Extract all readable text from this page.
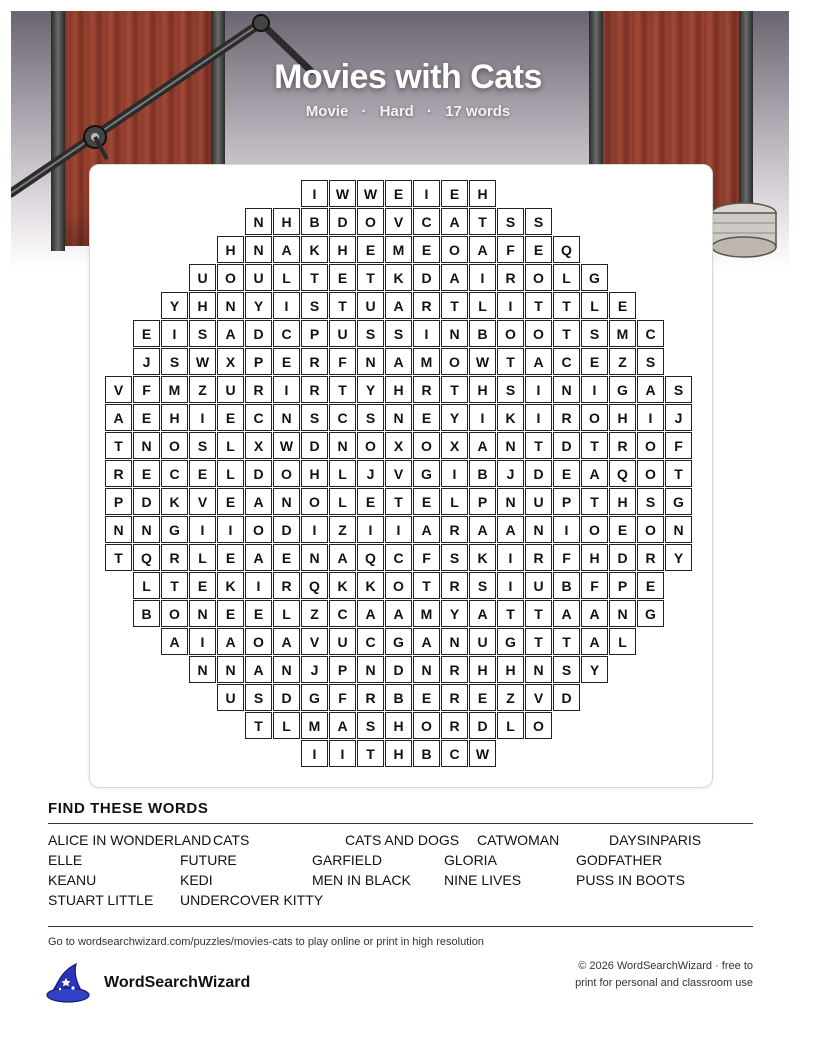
Movies with Cats
Movie · Hard · 17 words
I	W	W	E	I	E	H
N	H	B	D	O	V	C	A	T	S	S
H	N	A	K	H	E	M	E	O	A	F	E	Q
U	O	U	L	T	E	T	K	D	A	I	R	O	L	G
Y	H	N	Y	I	S	T	U	A	R	T	L	I	T	T	L	E
E	I	S	A	D	C	P	U	S	S	I	N	B	O	O	T	S	M	C
J	S	W	X	P	E	R	F	N	A	M	O	W	T	A	C	E	Z	S
V	F	M	Z	U	R	I	R	T	Y	H	R	T	H	S	I	N	I	G	A	S
A	E	H	I	E	C	N	S	C	S	N	E	Y	I	K	I	R	O	H	I	J
T	N	O	S	L	X	W	D	N	O	X	O	X	A	N	T	D	T	R	O	F
R	E	C	E	L	D	O	H	L	J	V	G	I	B	J	D	E	A	Q	O	T
P	D	K	V	E	A	N	O	L	E	T	E	L	P	N	U	P	T	H	S	G
N	N	G	I	I	O	D	I	Z	I	I	A	R	A	A	N	I	O	E	O	N
T	Q	R	L	E	A	E	N	A	Q	C	F	S	K	I	R	F	H	D	R	Y
L	T	E	K	I	R	Q	K	K	O	T	R	S	I	U	B	F	P	E
B	O	N	E	E	L	Z	C	A	A	M	Y	A	T	T	A	A	N	G
A	I	A	O	A	V	U	C	G	A	N	U	G	T	T	A	L
N	N	A	N	J	P	N	D	N	R	H	H	N	S	Y
U	S	D	G	F	R	B	E	R	E	Z	V	D
T	L	M	A	S	H	O	R	D	L	O
I	I	T	H	B	C	W
FIND THESE WORDS
ALICE IN WONDERLAND CATS	CATS AND DOGS CATWOMAN	DAYSINPARIS
ELLE	FUTURE	GARFIELD	GLORIA	GODFATHER
KEANU	KEDI	MEN IN BLACK NINE LIVES	PUSS IN BOOTS
STUART LITTLE UNDERCOVER KITTY
Go to wordsearchwizard.com/puzzles/movies-cats to play online or print in high resolution
WordSearchWizard
© 2026 WordSearchWizard · free to print for personal and classroom use
